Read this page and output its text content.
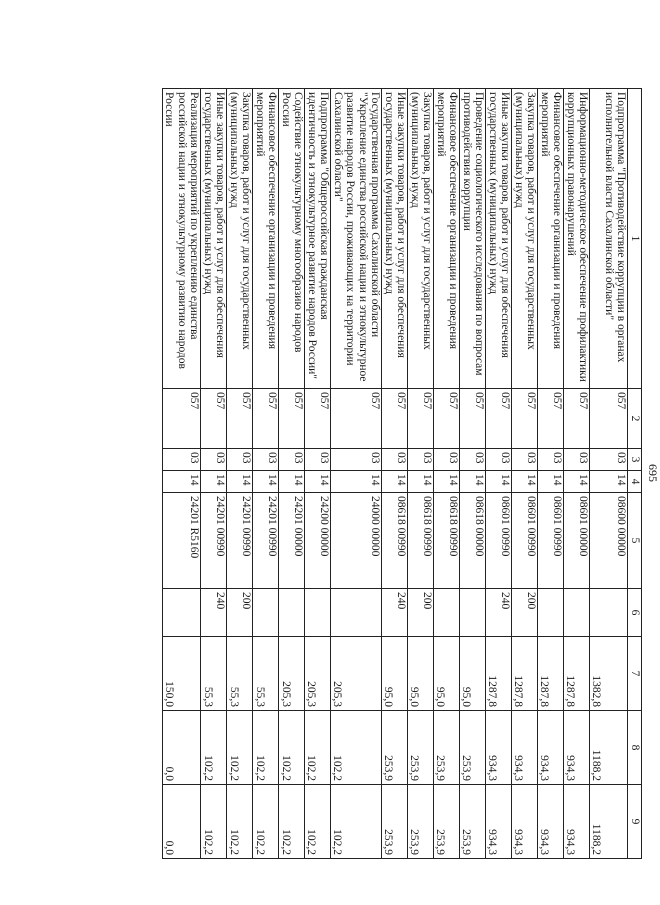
695
1	2	3	4	5	6	7	8	9
Подпрограмма "Противодействие коррупции в органах исполнительной власти Сахалинской области"	057	03	14	08600 00000		1382,8	1188,2	1188,2
Информационно-методическое обеспечение профилактики коррупционных правонарушений	057	03	14	08601 00000		1287,8	934,3	934,3
Финансовое обеспечение организации и проведения мероприятий	057	03	14	08601 00990		1287,8	934,3	934,3
Закупка товаров, работ и услуг для государственных (муниципальных) нужд	057	03	14	08601 00990	200	1287,8	934,3	934,3
Иные закупки товаров, работ и услуг для обеспечения государственных (муниципальных) нужд	057	03	14	08601 00990	240	1287,8	934,3	934,3
Проведение социологического исследования по вопросам противодействия коррупции	057	03	14	08618 00000		95,0	253,9	253,9
Финансовое обеспечение организации и проведения мероприятий	057	03	14	08618 00990		95,0	253,9	253,9
Закупка товаров, работ и услуг для государственных (муниципальных) нужд	057	03	14	08618 00990	200	95,0	253,9	253,9
Иные закупки товаров, работ и услуг для обеспечения государственных (муниципальных) нужд	057	03	14	08618 00990	240	95,0	253,9	253,9
Государственная программа Сахалинской области "Укрепление единства российской нации и этнокультурное развитие народов России, проживающих на территории Сахалинской области"	057	03	14	24000 00000		205,3	102,2	102,2
Подпрограмма "Общероссийская гражданская идентичность и этнокультурное развитие народов России"	057	03	14	24200 00000		205,3	102,2	102,2
Содействие этнокультурному многообразию народов России	057	03	14	24201 00000		205,3	102,2	102,2
Финансовое обеспечение организации и проведения мероприятий	057	03	14	24201 00990		55,3	102,2	102,2
Закупка товаров, работ и услуг для государственных (муниципальных) нужд	057	03	14	24201 00990	200	55,3	102,2	102,2
Иные закупки товаров, работ и услуг для обеспечения государственных (муниципальных) нужд	057	03	14	24201 00990	240	55,3	102,2	102,2
Реализация мероприятий по укреплению единства российской нации и этнокультурному развитию народов России	057	03	14	24201 R5160		150,0	0,0	0,0
